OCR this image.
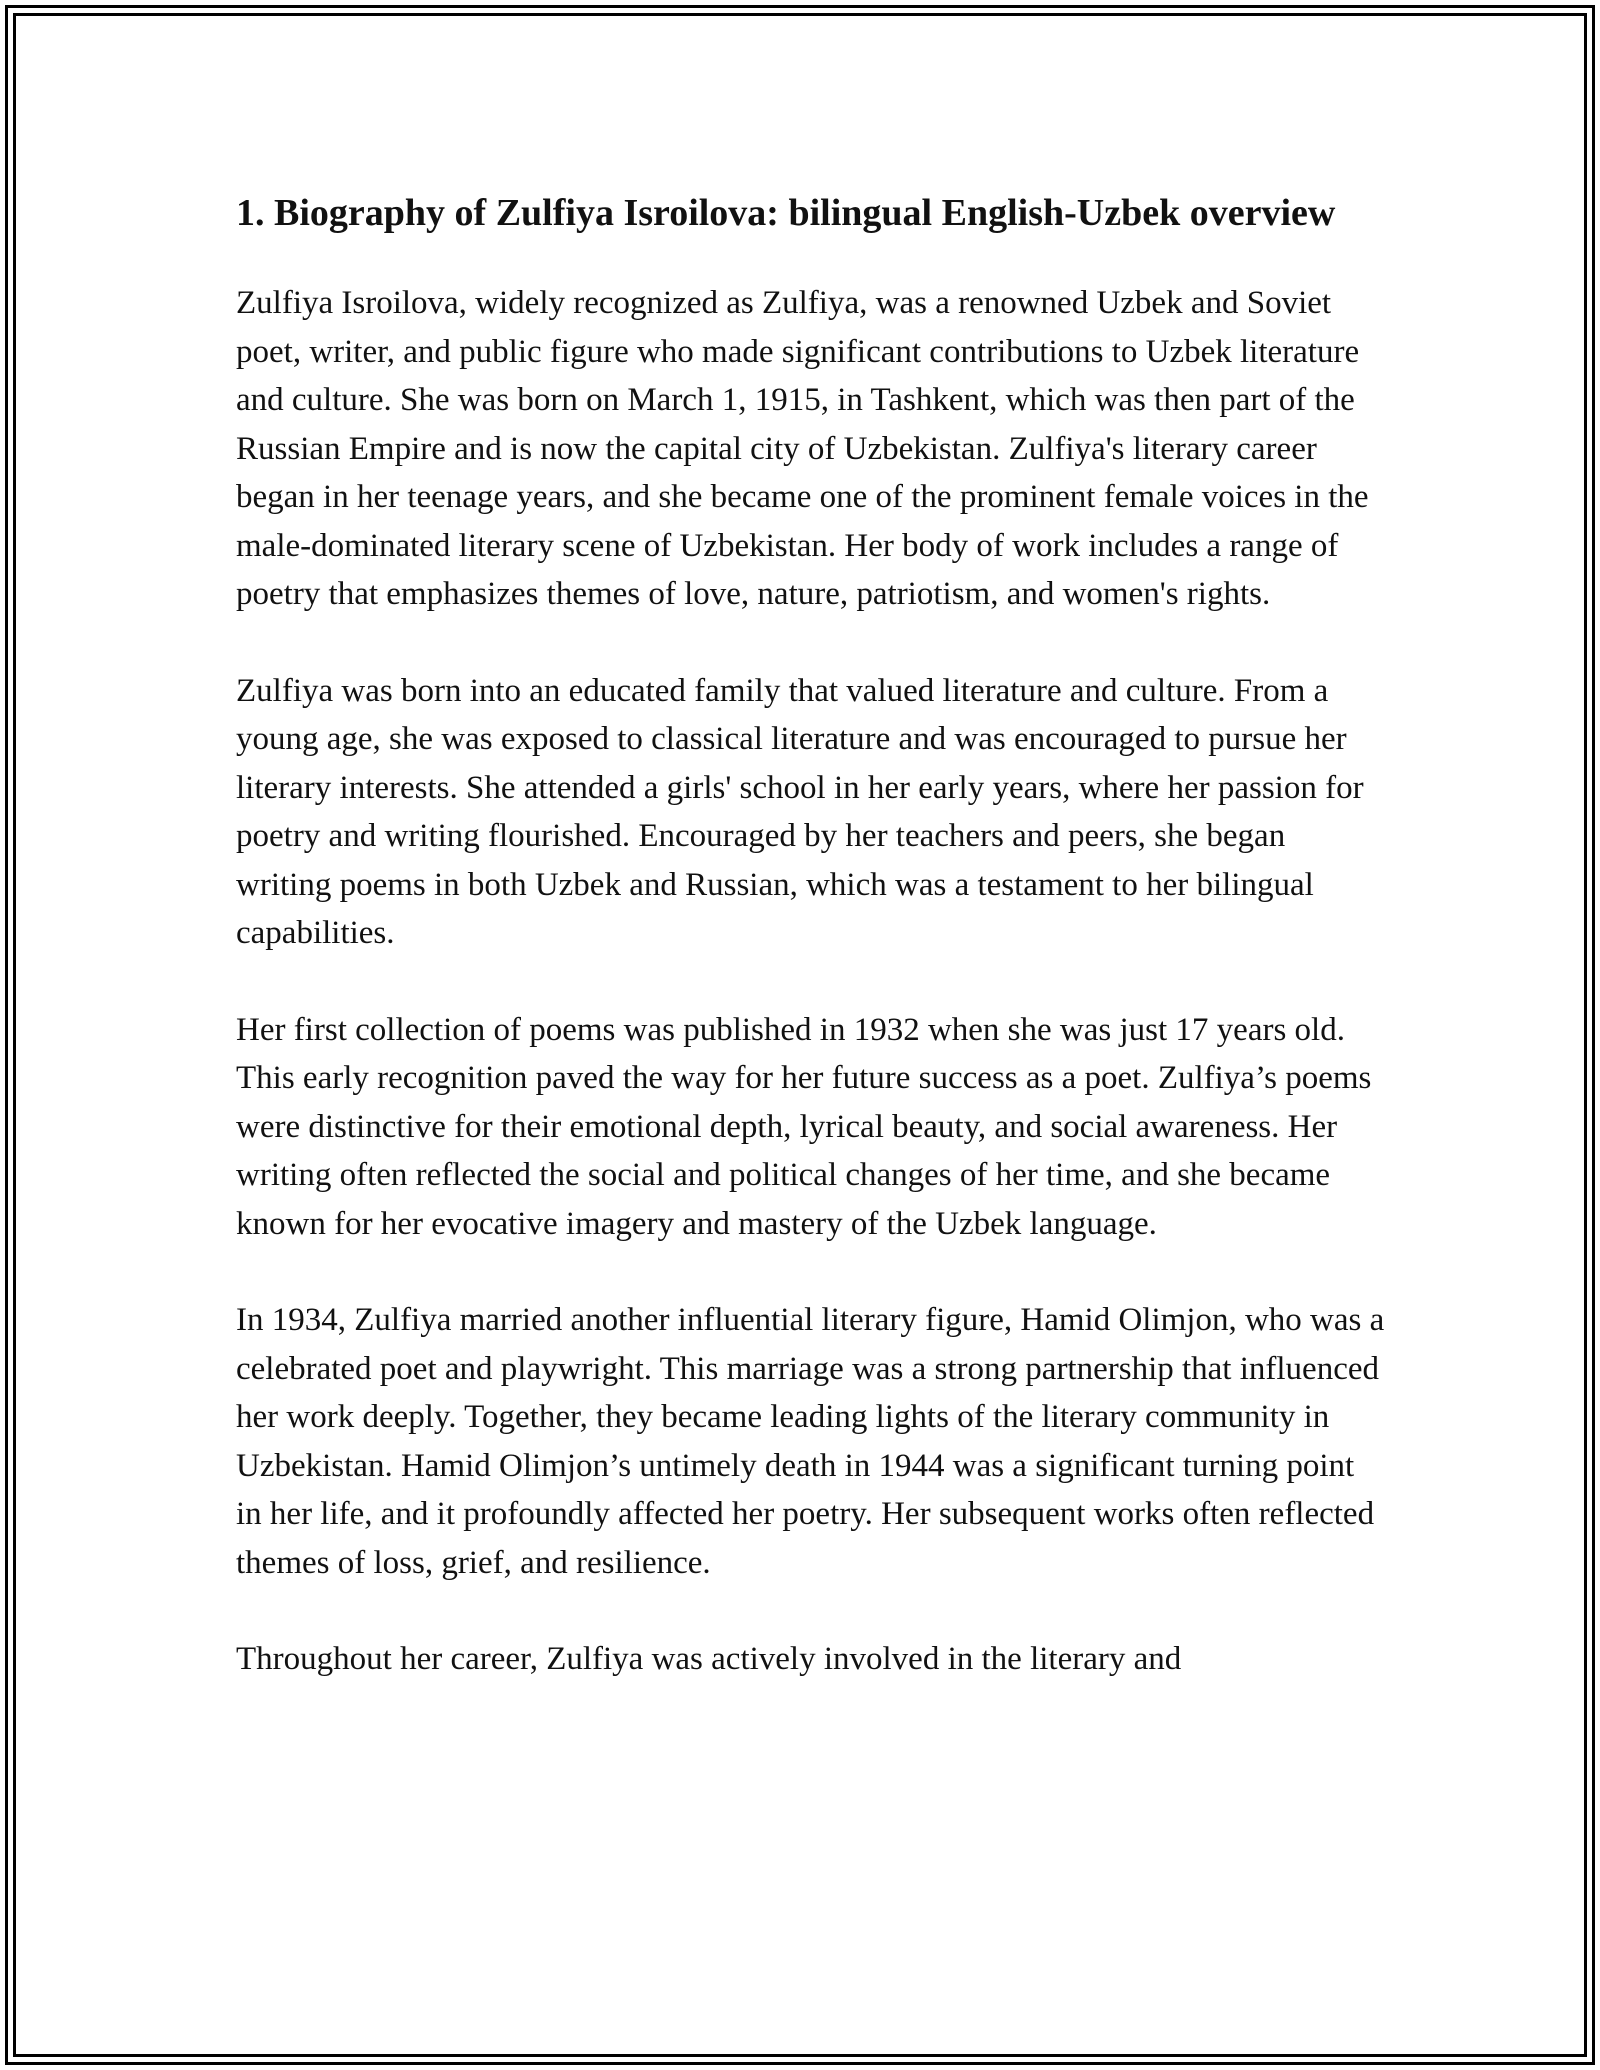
1. Biography of Zulfiya Isroilova: bilingual English-Uzbek overview

Zulfiya Isroilova, widely recognized as Zulfiya, was a renowned Uzbek and Soviet poet, writer, and public figure who made significant contributions to Uzbek literature and culture. She was born on March 1, 1915, in Tashkent, which was then part of the Russian Empire and is now the capital city of Uzbekistan. Zulfiya's literary career began in her teenage years, and she became one of the prominent female voices in the male-dominated literary scene of Uzbekistan. Her body of work includes a range of poetry that emphasizes themes of love, nature, patriotism, and women's rights.

Zulfiya was born into an educated family that valued literature and culture. From a young age, she was exposed to classical literature and was encouraged to pursue her literary interests. She attended a girls' school in her early years, where her passion for poetry and writing flourished. Encouraged by her teachers and peers, she began writing poems in both Uzbek and Russian, which was a testament to her bilingual capabilities.

Her first collection of poems was published in 1932 when she was just 17 years old. This early recognition paved the way for her future success as a poet. Zulfiya’s poems were distinctive for their emotional depth, lyrical beauty, and social awareness. Her writing often reflected the social and political changes of her time, and she became known for her evocative imagery and mastery of the Uzbek language.

In 1934, Zulfiya married another influential literary figure, Hamid Olimjon, who was a celebrated poet and playwright. This marriage was a strong partnership that influenced her work deeply. Together, they became leading lights of the literary community in Uzbekistan. Hamid Olimjon’s untimely death in 1944 was a significant turning point in her life, and it profoundly affected her poetry. Her subsequent works often reflected themes of loss, grief, and resilience.

Throughout her career, Zulfiya was actively involved in the literary and
